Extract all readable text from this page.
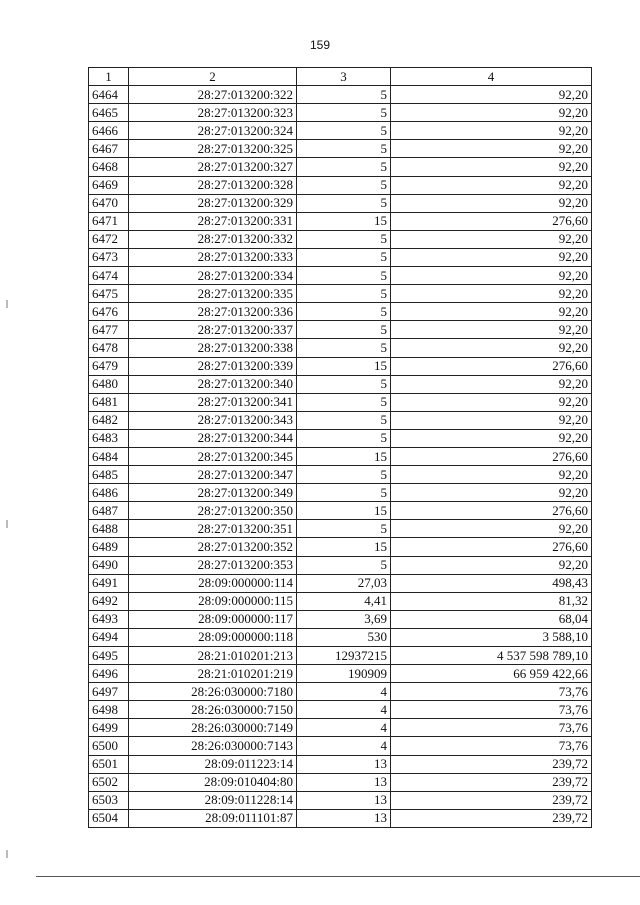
159
1	2	3	4
6464	28:27:013200:322	5	92,20
6465	28:27:013200:323	5	92,20
6466	28:27:013200:324	5	92,20
6467	28:27:013200:325	5	92,20
6468	28:27:013200:327	5	92,20
6469	28:27:013200:328	5	92,20
6470	28:27:013200:329	5	92,20
6471	28:27:013200:331	15	276,60
6472	28:27:013200:332	5	92,20
6473	28:27:013200:333	5	92,20
6474	28:27:013200:334	5	92,20
6475	28:27:013200:335	5	92,20
6476	28:27:013200:336	5	92,20
6477	28:27:013200:337	5	92,20
6478	28:27:013200:338	5	92,20
6479	28:27:013200:339	15	276,60
6480	28:27:013200:340	5	92,20
6481	28:27:013200:341	5	92,20
6482	28:27:013200:343	5	92,20
6483	28:27:013200:344	5	92,20
6484	28:27:013200:345	15	276,60
6485	28:27:013200:347	5	92,20
6486	28:27:013200:349	5	92,20
6487	28:27:013200:350	15	276,60
6488	28:27:013200:351	5	92,20
6489	28:27:013200:352	15	276,60
6490	28:27:013200:353	5	92,20
6491	28:09:000000:114	27,03	498,43
6492	28:09:000000:115	4,41	81,32
6493	28:09:000000:117	3,69	68,04
6494	28:09:000000:118	530	3 588,10
6495	28:21:010201:213	12937215	4 537 598 789,10
6496	28:21:010201:219	190909	66 959 422,66
6497	28:26:030000:7180	4	73,76
6498	28:26:030000:7150	4	73,76
6499	28:26:030000:7149	4	73,76
6500	28:26:030000:7143	4	73,76
6501	28:09:011223:14	13	239,72
6502	28:09:010404:80	13	239,72
6503	28:09:011228:14	13	239,72
6504	28:09:011101:87	13	239,72
